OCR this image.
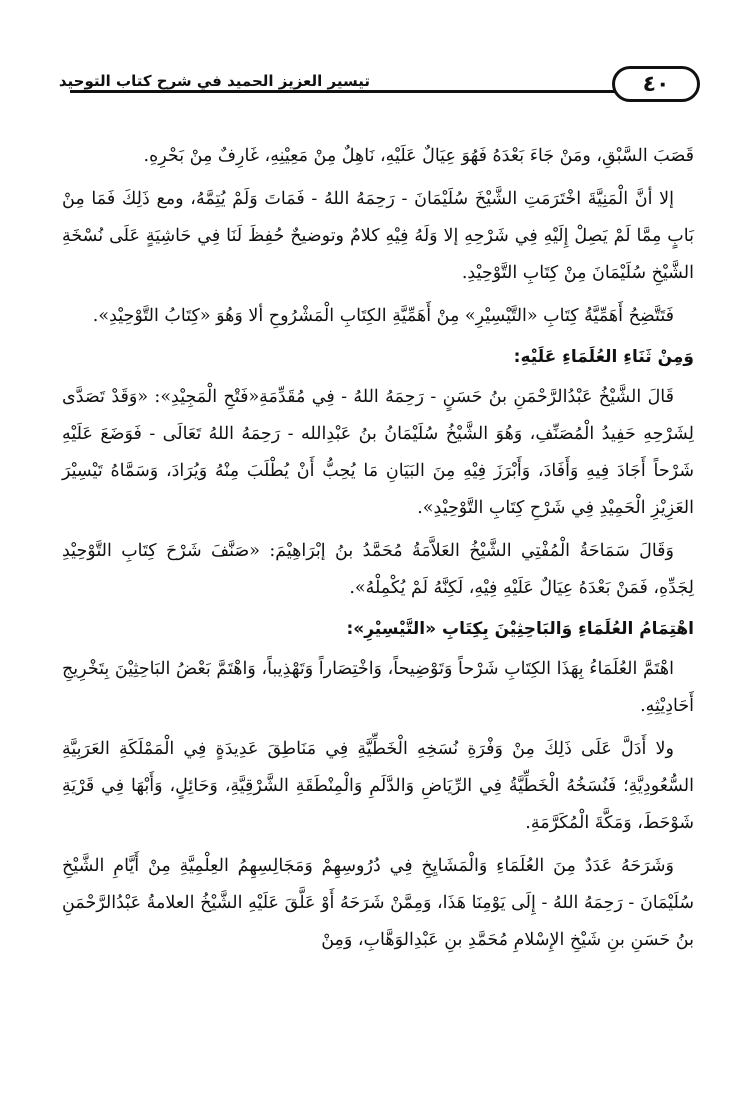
تيسير العزيز الحميد في شرح كتاب التوحيد	٤٠

قَصَبَ السَّبْقِ، ومَنْ جَاءَ بَعْدَهُ فَهُوَ عِيَالٌ عَلَيْهِ، نَاهِلٌ مِنْ مَعِيْنِهِ، غَارِفٌ مِنْ بَحْرِهِ.

إلا أنَّ الْمَنِيَّةَ اخْتَرَمَتِ الشَّيْخَ سُلَيْمَانَ - رَحِمَهُ اللهُ - فَمَاتَ وَلَمْ يُتِمَّهُ، ومع ذَلِكَ فَمَا مِنْ بَابٍ مِمَّا لَمْ يَصِلْ إِلَيْهِ فِي شَرْحِهِ إلا وَلَهُ فِيْهِ كلامٌ وتوضيحٌ حُفِظَ لَنَا فِي حَاشِيَةٍ عَلَى نُسْخَةِ الشَّيْخِ سُلَيْمَانَ مِنْ كِتَابِ التَّوْحِيْدِ.

فَتَتَّضِحُ أَهَمِّيَّةُ كِتَابِ «التَّيْسِيْرِ» مِنْ أَهَمِّيَّةِ الكِتَابِ الْمَشْرُوحِ ألا وَهُوَ «كِتَابُ التَّوْحِيْدِ».

وَمِنْ ثَنَاءِ العُلَمَاءِ عَلَيْهِ:

قَالَ الشَّيْخُ عَبْدُالرَّحْمَنِ بنُ حَسَنٍ - رَحِمَهُ اللهُ - فِي مُقَدِّمَةِ«فَتْحِ الْمَجِيْدِ»: «وَقَدْ تَصَدَّى لِشَرْحِهِ حَفِيدُ الْمُصَنِّفِ، وَهُوَ الشَّيْخُ سُلَيْمَانُ بنُ عَبْدِالله - رَحِمَهُ اللهُ تَعَالَى - فَوَضَعَ عَلَيْهِ شَرْحاً أَجَادَ فِيهِ وَأَفَادَ، وَأَبْرَزَ فِيْهِ مِنَ البَيَانِ مَا يُحِبُّ أَنْ يُطْلَبَ مِنْهُ وَيُرَادَ، وَسَمَّاهُ تَيْسِيْرَ العَزِيْزِ الْحَمِيْدِ فِي شَرْحِ كِتَابِ التَّوْحِيْدِ».

وَقَالَ سَمَاحَةُ الْمُفْتِي الشَّيْخُ العَلاَّمَةُ مُحَمَّدُ بنُ إبْرَاهِيْمَ: «صَنَّفَ شَرْحَ كِتَابِ التَّوْحِيْدِ لِجَدِّهِ، فَمَنْ بَعْدَهُ عِيَالٌ عَلَيْهِ فِيْهِ، لَكِنَّهُ لَمْ يُكْمِلْهُ».

اهْتِمَامُ العُلَمَاءِ وَالبَاحِثِيْنَ بِكِتَابِ «التَّيْسِيْرِ»:

اهْتَمَّ العُلَمَاءُ بِهَذَا الكِتَابِ شَرْحاً وَتَوْضِيحاً، وَاخْتِصَاراً وَتَهْذِيباً، وَاهْتَمَّ بَعْضُ البَاحِثِيْنَ بِتَخْرِيجِ أَحَادِيْثِهِ.

ولا أَدَلَّ عَلَى ذَلِكَ مِنْ وَفْرَةِ نُسَخِهِ الْخَطِّيَّةِ فِي مَنَاطِقَ عَدِيدَةٍ فِي الْمَمْلَكَةِ العَرَبِيَّةِ السُّعُودِيَّةِ؛ فَنُسَخُهُ الْخَطِّيَّةُ فِي الرِّيَاضِ وَالدَّلَمِ وَالْمِنْطَقَةِ الشَّرْقِيَّةِ، وَحَائِلٍ، وَأَبْهَا فِي قَرْيَةِ شَوْحَطَ، وَمَكَّةَ الْمُكَرَّمَةِ.

وَشَرَحَهُ عَدَدٌ مِنَ العُلَمَاءِ وَالْمَشَايِخِ فِي دُرُوسِهِمْ وَمَجَالِسِهِمُ العِلْمِيَّةِ مِنْ أَيَّامِ الشَّيْخِ سُلَيْمَانَ - رَحِمَهُ اللهُ - إِلَى يَوْمِنَا هَذَا، وَمِمَّنْ شَرَحَهُ أَوْ عَلَّقَ عَلَيْهِ الشَّيْخُ العلامةُ عَبْدُالرَّحْمَنِ بنُ حَسَنِ بنِ شَيْخِ الإِسْلامِ مُحَمَّدِ بنِ عَبْدِالوَهَّابِ، وَمِنْ
